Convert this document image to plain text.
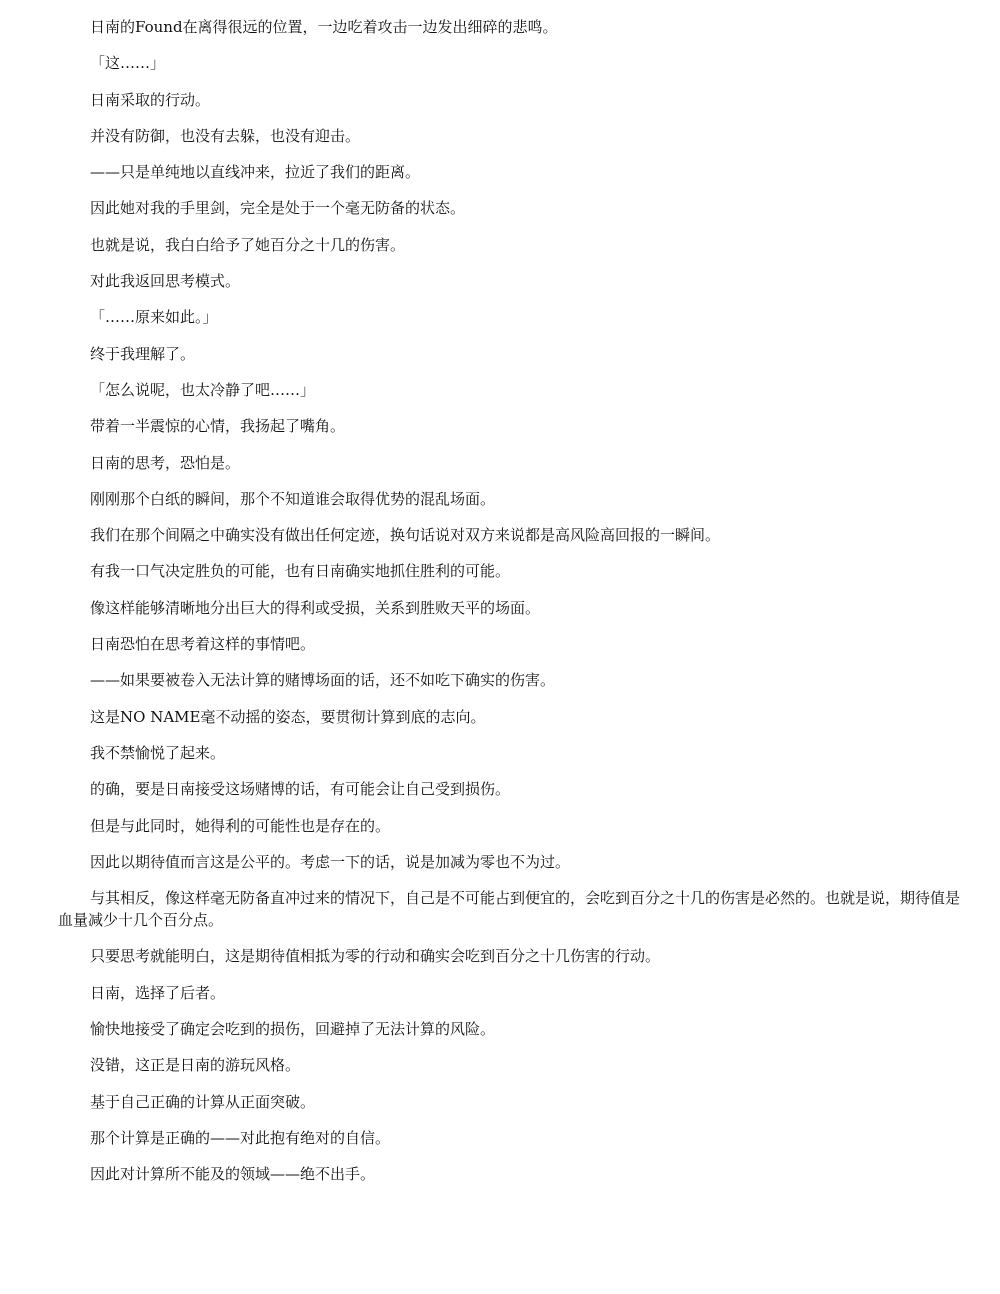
日南的Found在离得很远的位置，一边吃着攻击一边发出细碎的悲鸣。

「这……」

日南采取的行动。

并没有防御，也没有去躲，也没有迎击。

——只是单纯地以直线冲来，拉近了我们的距离。

因此她对我的手里剑，完全是处于一个毫无防备的状态。

也就是说，我白白给予了她百分之十几的伤害。

对此我返回思考模式。

「……原来如此。」

终于我理解了。

「怎么说呢，也太冷静了吧……」

带着一半震惊的心情，我扬起了嘴角。

日南的思考，恐怕是。

刚刚那个白纸的瞬间，那个不知道谁会取得优势的混乱场面。

我们在那个间隔之中确实没有做出任何定迹，换句话说对双方来说都是高风险高回报的一瞬间。

有我一口气决定胜负的可能，也有日南确实地抓住胜利的可能。

像这样能够清晰地分出巨大的得利或受损，关系到胜败天平的场面。

日南恐怕在思考着这样的事情吧。

——如果要被卷入无法计算的赌博场面的话，还不如吃下确实的伤害。

这是NO NAME毫不动摇的姿态，要贯彻计算到底的志向。

我不禁愉悦了起来。

的确，要是日南接受这场赌博的话，有可能会让自己受到损伤。

但是与此同时，她得利的可能性也是存在的。

因此以期待值而言这是公平的。考虑一下的话，说是加减为零也不为过。

与其相反，像这样毫无防备直冲过来的情况下，自己是不可能占到便宜的，会吃到百分之十几的伤害是必然的。也就是说，期待值是血量减少十几个百分点。

只要思考就能明白，这是期待值相抵为零的行动和确实会吃到百分之十几伤害的行动。

日南，选择了后者。

愉快地接受了确定会吃到的损伤，回避掉了无法计算的风险。

没错，这正是日南的游玩风格。

基于自己正确的计算从正面突破。

那个计算是正确的——对此抱有绝对的自信。

因此对计算所不能及的领域——绝不出手。
